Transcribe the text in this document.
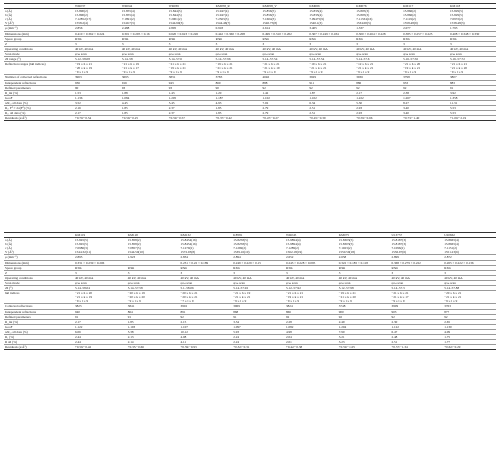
	WR037	WR044	WR065	KM058_R	KM058_V	KM066	KM076	KM117	KM118
a (Å)	15.890(2)	15.855(4)	15.844(5)	15.947(4)	15.856(5)	15.833(4)	15.805(3)	15.866(2)	15.829(5)
b (Å)	15.890(2)	15.855(4)	15.844(5)	15.947(4)	15.856(5)	15.833(4)	15.805(3)	15.866(2)	15.829(5)
c (Å)	7.12852(17)	7.1891(2)	7.2001(2)	7.2563(3)	7.1604(3)	7.09475(9)	7.11334(16)	7.1119(2)	7.0972(2)
V (Å³)	1558.2(4)	1540.7(3)	1544.90(3)	1544.46(7)	1540.75(8)	1540.1(3)	1534.00(5)	1558.48(9)	1538.48(3)
μ (mm⁻¹)	2.856	2.488	2.805	0.918	2.614	3.405	1.337	2.077	1.793
Dimensions (mm)	0.410 × 0.362 × 0.224	0.301 × 0.295 × 0.16	0.620 × 0.623 × 0.226	0.442 × 0.360 × 0.208	0.499 × 0.310 × 0.202	0.307 × 0.249 × 0.184	0.300 × 0.264 × 0.228	0.385 × 0.257 × 0.225	0.408 × 0.348 × 0.330
Space group	R3m	R3m	R3m	R3m	R3m	R3m	R3m	R3m	R3m
Z	3	3	3	3	3	3	3	3	3
Operating conditions	40 kV, 40 mA	40 kV, 40 mA	40 kV, 40 mA	40 kV, 40 mA	40 kV, 40 mA	40 kV, 40 mA	40 kV, 40 mA	40 kV, 40 mA	40 kV, 40 mA
Scan mode	φ/ω scan	φ/ω scan	φ/ω scan	φ/ω scan	φ/ω scan	φ/ω scan	φ/ω scan	φ/ω scan	φ/ω scan
2θ range (°)	5.12–58.08	5.14–58	5.14–57.6	5.14–57.96	5.14–57.54	5.14–57.54	5.14–57.6	5.16–57.56	5.16–57.72
Reflection ranges (hkl indices)	−19 ≤ h ≤ 21
−20 ≤ k ≤ 19
−9 ≤ l ≤ 9	−21 ≤ h ≤ 19
−21 ≤ k ≤ 17
−9 ≤ l ≤ 9	−21 ≤ h ≤ 21
−19 ≤ k ≤ 21
−9 ≤ l ≤ 9	−19 ≤ h ≤ 21
−21 ≤ k ≤ 21
−9 ≤ l ≤ 9	−21 ≤ h ≤ 21
−21 ≤ k ≤ 19
−9 ≤ l ≤ 9	−19 ≤ h ≤ 21
−21 ≤ k ≤ 21
−9 ≤ l ≤ 9	−12 ≤ h ≤ 21
−21 ≤ k ≤ 21
−9 ≤ l ≤ 9	−21 ≤ h ≤ 20
−19 ≤ k ≤ 21
−9 ≤ l ≤ 9	−21 ≤ h ≤ 21
−21 ≤ k ≤ 20
−9 ≤ l ≤ 9
Number of collected reflections	3963	3695	3831	3783	4046	3929	3936	3798	3807
Independent reflections	936	916	943	860	888	911	886	933	883
Refined parameters	90	93	93	90	92	92	92	92	91
R_int (%)	1.53	1.88	1.43	1.20	1.42	1.87	2.17	2.38	3.92
GooF	1.136	1.084	1.205	1.187	1.102	1.102	1.222	1.267	1.358
wR₂, all data (%)	3.52	4.45	5.45	4.93	7.02	6.34	5.30	8.27	11.31
R₁, F² > 2σ(F²) (%)	2.16	1.85	2.37	1.85	2.79	2.51	2.93	3.40	5.53
R₁, all data (%)	2.17	1.85	2.37	1.85	2.79	2.51	2.93	3.40	5.53
Residuals (e/Å³)	+0.70/−0.54	+0.59/−0.25	+0.59/−0.57	+0.37/−0.42	+0.47/−0.27	+0.45/−0.39	+0.59/−0.66	+0.73/−1.40	+1.00/−2.19
	KM119	KM120	KM132	KF081	WR045	KM075	U13757	U20662
a (Å)	15.845(5)	15.858(2)	15.8454(16)	15.8258(5)	15.9894(4)	15.8303(5)	15.8187(3)	15.8665(4)
b (Å)	15.845(5)	15.858(2)	15.8454(16)	15.8258(5)	15.9894(4)	15.8303(5)	15.8187(3)	15.8665(4)
c (Å)	7.0986(3)	7.0857(5)	7.1279(2)	7.1269(2)	7.1289(2)	7.1023(2)	7.1096(2)	7.1151(2)
V (Å³)	1544.32(11)	1544.50(10)	1572.03(8)	1539.16(10)	1562.18(19)	1550.59(18)	1536.97(6)	1551.23(6)
μ (mm⁻¹)	2.895	1.923	2.834	2.894	2.652	2.658	2.899	2.872
Dimensions (mm)	0.331 × 0.239 × 0.206		0.231 × 0.22 × 0.189	0.249 × 0.229 × 0.15	0.243 × 0.228 × 0.095	0.322 × 0.185 × 0.118	0.368 × 0.279 × 0.222	0.265 × 0.222 × 0.136
Space group	R3m	R3m	R3m	R3m	R3m	R3m	R3m	R3m
Z	3	3	3	3	3	3	3	3
Operating conditions	40 kV, 40 mA	40 kV, 40 mA	40 kV, 40 mA	40 kV, 40 mA	40 kV, 40 mA	40 kV, 40 mA	40 kV, 40 mA	40 kV, 40 mA
Scan mode	φ/ω scan	φ/ω scan	φ/ω scan	φ/ω scan	φ/ω scan	φ/ω scan	φ/ω scan	φ/ω scan
2θ (°)	5.14–58.04	5.14–57.58	5.1–58.06	5.14–57.92	5.12–57.92	5.12–57.98	5.14–57.3	5.14–57.88
hkl indices	−21 ≤ h ≤ 20
−21 ≤ k ≤ 19
−9 ≤ l ≤ 9	−20 ≤ h ≤ 19
−20 ≤ k ≤ 20
−9 ≤ l ≤ 9	−20 ≤ h ≤ 21
−20 ≤ k ≤ 21
−7 ≤ l ≤ 9	−21 ≤ h ≤ 19
−21 ≤ k ≤ 21
−9 ≤ l ≤ 9	−21 ≤ h ≤ 21
−19 ≤ k ≤ 21
−9 ≤ l ≤ 9	−19 ≤ h ≤ 21
−21 ≤ k ≤ 20
−9 ≤ l ≤ 9	−21 ≤ h ≤ 21
−21 ≤ k ≤ 17
−9 ≤ l ≤ 9	−20 ≤ h ≤ 21
−21 ≤ k ≤ 21
−9 ≤ l ≤ 9
Collected reflections	3825	3841	3902	3969	3824	3748	3909	3763
Independent reflections	940	864	891	868	866	900	903	877
Refined parameters	91	91	92	91	92	92	92	92
R_int (%)	2.17	1.85	2.15	3.34	2.28	2.49	2.30	2.65
GooF	1.122	1.193	1.107	1.097	1.082	1.204	1.122	1.130
wR₂, all data (%)	6.06	5.38	10.12	5.93	4.98	7.90	6.47	4.09
R₁ (%)	2.44	2.13	4.08	2.24	2.04	3.21	2.48	1.75
R all (%)	2.44	2.14	4.11	2.24	2.01	3.23	2.51	1.77
Residuals (e/Å³)	+0.59/−0.42	+0.35/−0.66	+0.59/−0.93	+0.32/−0.31	+0.42/−0.38	+0.59/−1.05	+0.57/−1.34	+0.62/−0.29
